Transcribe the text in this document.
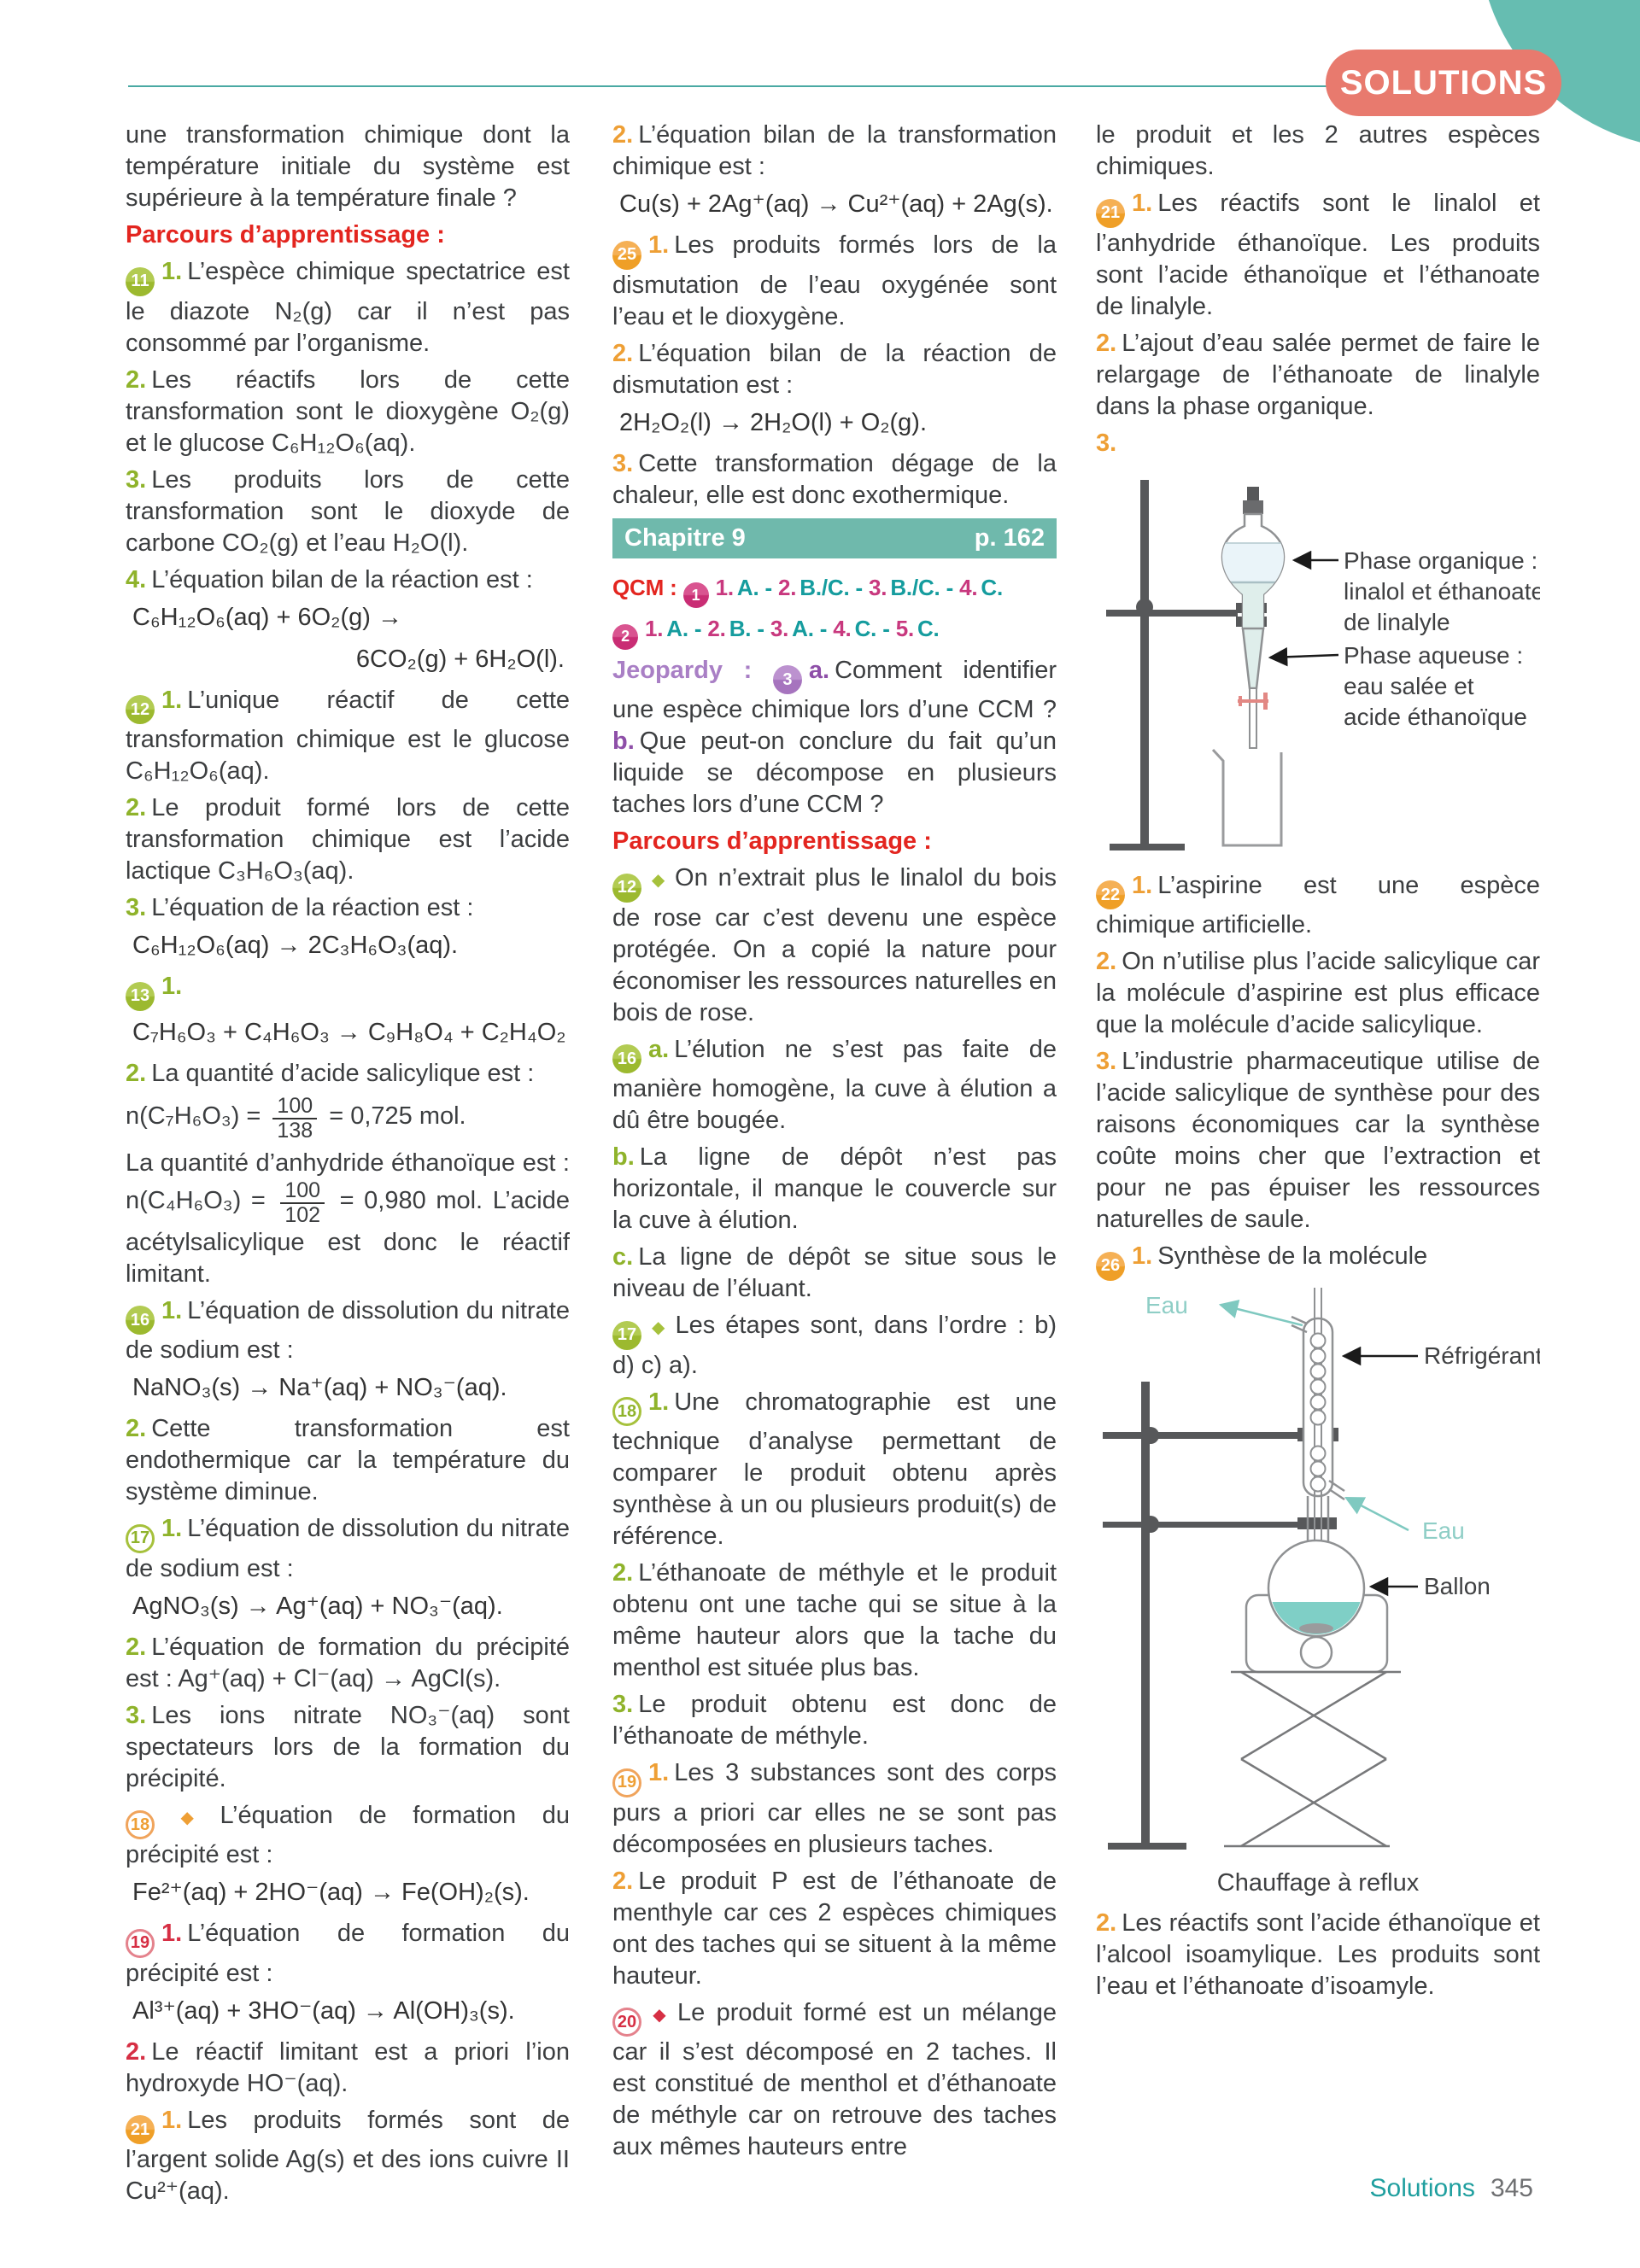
SOLUTIONS

une transformation chimique dont la température initiale du système est supérieure à la température finale ?

Parcours d’apprentissage :

11 1. L’espèce chimique spectatrice est le diazote N₂(g) car il n’est pas consommé par l’organisme.

2. Les réactifs lors de cette transformation sont le dioxygène O₂(g) et le glucose C₆H₁₂O₆(aq).

3. Les produits lors de cette transformation sont le dioxyde de carbone CO₂(g) et l’eau H₂O(l).

4. L’équation bilan de la réaction est :

C₆H₁₂O₆(aq) + 6O₂(g) →
6CO₂(g) + 6H₂O(l).

12 1. L’unique réactif de cette transformation chimique est le glucose C₆H₁₂O₆(aq).

2. Le produit formé lors de cette transformation chimique est l’acide lactique C₃H₆O₃(aq).

3. L’équation de la réaction est :

C₆H₁₂O₆(aq) → 2C₃H₆O₃(aq).

13 1.

C₇H₆O₃ + C₄H₆O₃ → C₉H₈O₄ + C₂H₄O₂

2. La quantité d’acide salicylique est :

$n(C_7H_6O_3) = \frac{100}{138} = 0,725$ mol.

La quantité d’anhydride éthanoïque est : $n(C_4H_6O_3) = \frac{100}{102} = 0,980$ mol. L’acide acétylsalicylique est donc le réactif limitant.

16 1. L’équation de dissolution du nitrate de sodium est :

NaNO₃(s) → Na⁺(aq) + NO₃⁻(aq).

2. Cette transformation est endothermique car la température du système diminue.

17 1. L’équation de dissolution du nitrate de sodium est :

AgNO₃(s) → Ag⁺(aq) + NO₃⁻(aq).

2. L’équation de formation du précipité est : Ag⁺(aq) + Cl⁻(aq) → AgCl(s).

3. Les ions nitrate NO₃⁻(aq) sont spectateurs lors de la formation du précipité.

18 ◆ L’équation de formation du précipité est :

Fe²⁺(aq) + 2HO⁻(aq) → Fe(OH)₂(s).

19 1. L’équation de formation du précipité est :

Al³⁺(aq) + 3HO⁻(aq) → Al(OH)₃(s).

2. Le réactif limitant est a priori l’ion hydroxyde HO⁻(aq).

21 1. Les produits formés sont de l’argent solide Ag(s) et des ions cuivre II Cu²⁺(aq).

2. L’équation bilan de la transformation chimique est :

Cu(s) + 2Ag⁺(aq) → Cu²⁺(aq) + 2Ag(s).

25 1. Les produits formés lors de la dismutation de l’eau oxygénée sont l’eau et le dioxygène.

2. L’équation bilan de la réaction de dismutation est :

2H₂O₂(l) → 2H₂O(l) + O₂(g).

3. Cette transformation dégage de la chaleur, elle est donc exothermique.

Chapitre 9	p. 162

QCM : 1 1. A. - 2. B./C. - 3. B./C. - 4. C.

2 1. A. - 2. B. - 3. A. - 4. C. - 5. C.

Jeopardy : 3 a. Comment identifier une espèce chimique lors d’une CCM ? b. Que peut-on conclure du fait qu’un liquide se décompose en plusieurs taches lors d’une CCM ?

Parcours d’apprentissage :

12 ◆ On n’extrait plus le linalol du bois de rose car c’est devenu une espèce protégée. On a copié la nature pour économiser les ressources naturelles en bois de rose.

16 a. L’élution ne s’est pas faite de manière homogène, la cuve à élution a dû être bougée.

b. La ligne de dépôt n’est pas horizontale, il manque le couvercle sur la cuve à élution.

c. La ligne de dépôt se situe sous le niveau de l’éluant.

17 ◆ Les étapes sont, dans l’ordre : b) d) c) a).

18 1. Une chromatographie est une technique d’analyse permettant de comparer le produit obtenu après synthèse à un ou plusieurs produit(s) de référence.

2. L’éthanoate de méthyle et le produit obtenu ont une tache qui se situe à la même hauteur alors que la tache du menthol est située plus bas.

3. Le produit obtenu est donc de l’éthanoate de méthyle.

19 1. Les 3 substances sont des corps purs a priori car elles ne se sont pas décomposées en plusieurs taches.

2. Le produit P est de l’éthanoate de menthyle car ces 2 espèces chimiques ont des taches qui se situent à la même hauteur.

20 ◆ Le produit formé est un mélange car il s’est décomposé en 2 taches. Il est constitué de menthol et d’éthanoate de méthyle car on retrouve des taches aux mêmes hauteurs entre

le produit et les 2 autres espèces chimiques.

21 1. Les réactifs sont le linalol et l’anhydride éthanoïque. Les produits sont l’acide éthanoïque et l’éthanoate de linalyle.

2. L’ajout d’eau salée permet de faire le relargage de l’éthanoate de linalyle dans la phase organique.

3.

Phase organique :
linalol et éthanoate
de linalyle
Phase aqueuse :
eau salée et
acide éthanoïque

22 1. L’aspirine est une espèce chimique artificielle.

2. On n’utilise plus l’acide salicylique car la molécule d’aspirine est plus efficace que la molécule d’acide salicylique.

3. L’industrie pharmaceutique utilise de l’acide salicylique de synthèse pour des raisons économiques car la synthèse coûte moins cher que l’extraction et pour ne pas épuiser les ressources naturelles de saule.

26 1. Synthèse de la molécule

Eau
Réfrigérant
Eau
Ballon
Chauffage à reflux

2. Les réactifs sont l’acide éthanoïque et l’alcool isoamylique. Les produits sont l’eau et l’éthanoate d’isoamyle.

Solutions 345
